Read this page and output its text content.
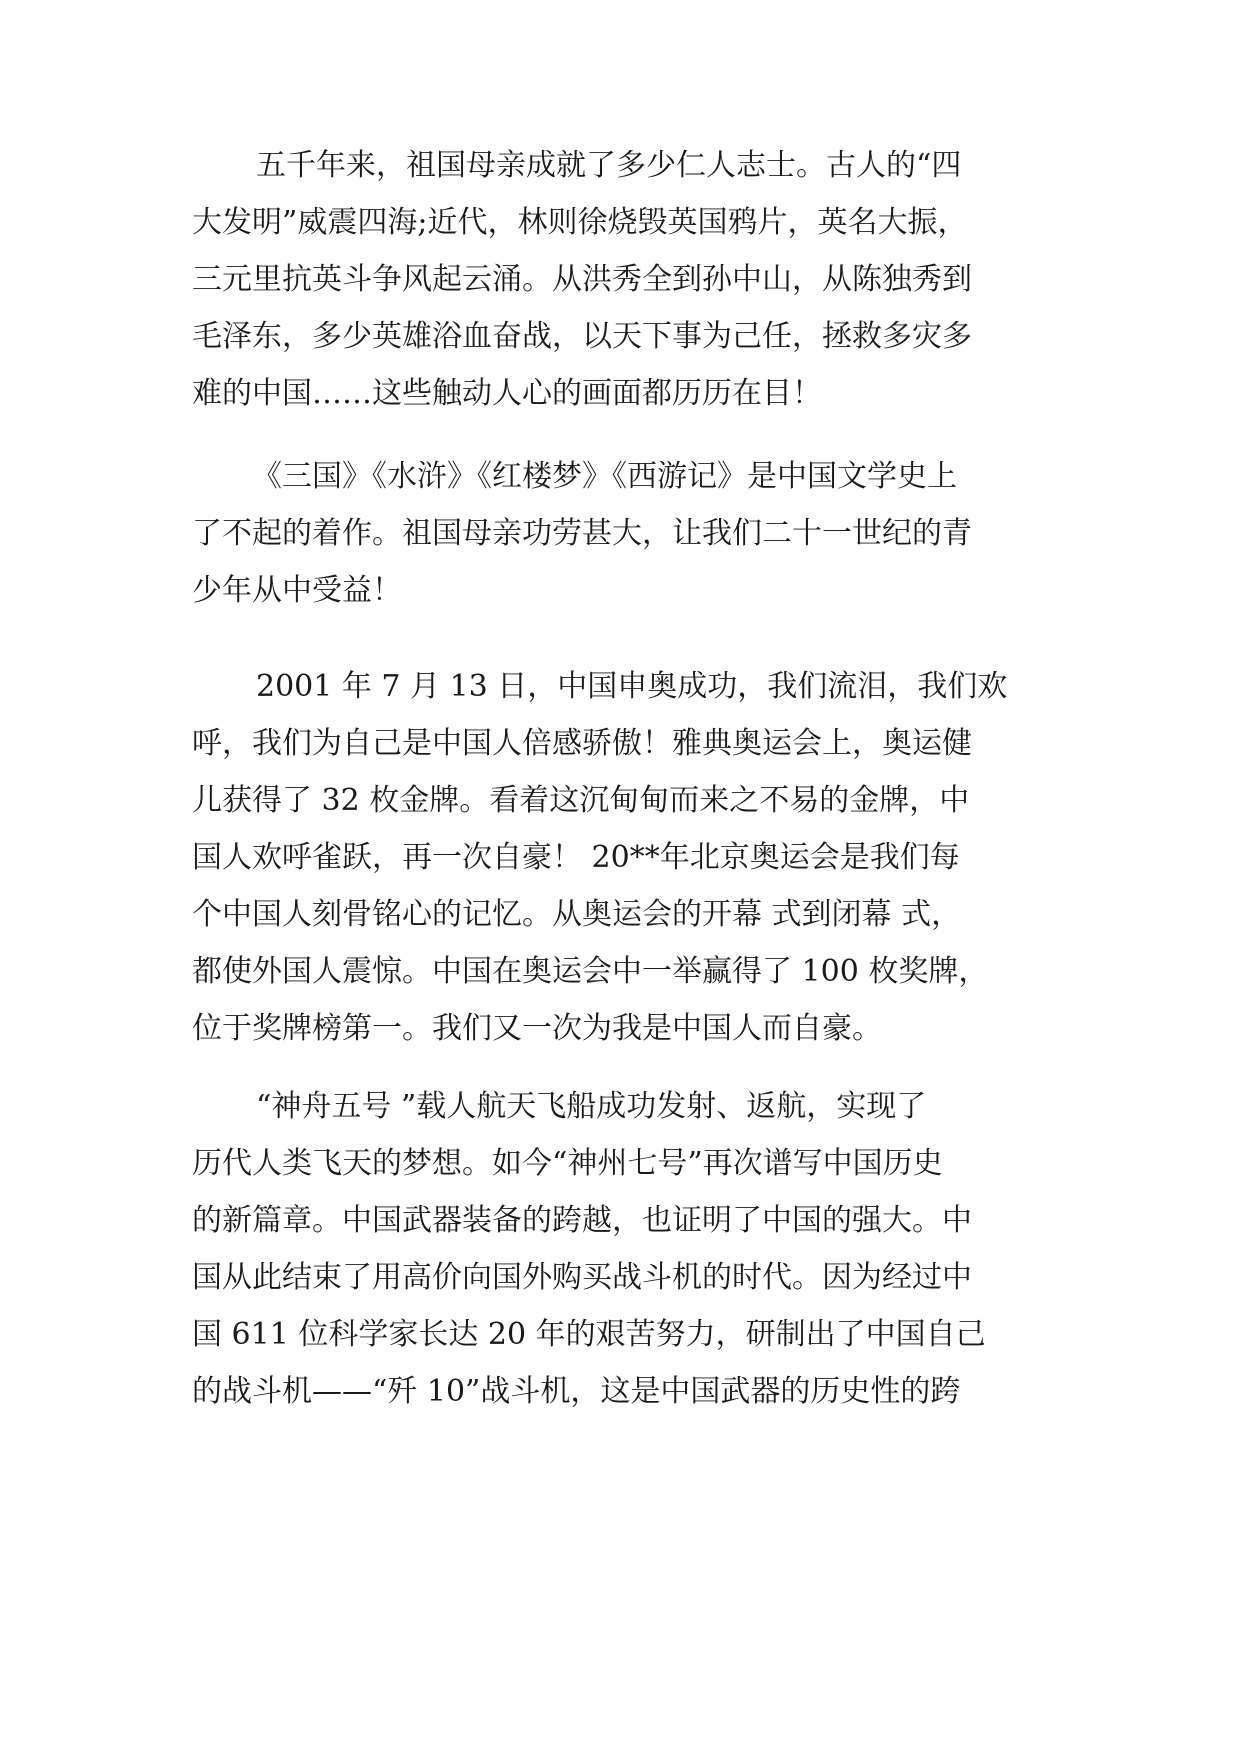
五千年来，祖国母亲成就了多少仁人志士。古人的“四
大发明”威震四海;近代，林则徐烧毁英国鸦片，英名大振，
三元里抗英斗争风起云涌。从洪秀全到孙中山，从陈独秀到
毛泽东，多少英雄浴血奋战，以天下事为己任，拯救多灾多
难的中国……这些触动人心的画面都历历在目！
《三国》《水浒》《红楼梦》《西游记》是中国文学史上
了不起的着作。祖国母亲功劳甚大，让我们二十一世纪的青
少年从中受益！
2001 年 7 月 13 日，中国申奥成功，我们流泪，我们欢
呼，我们为自己是中国人倍感骄傲！雅典奥运会上，奥运健
儿获得了 32 枚金牌。看着这沉甸甸而来之不易的金牌，中
国人欢呼雀跃，再一次自豪！ 20**年北京奥运会是我们每
个中国人刻骨铭心的记忆。从奥运会的开幕 式到闭幕 式，
都使外国人震惊。中国在奥运会中一举赢得了 100 枚奖牌，
位于奖牌榜第一。我们又一次为我是中国人而自豪。
“神舟五号 ”载人航天飞船成功发射、返航，实现了
历代人类飞天的梦想。如今“神州七号”再次谱写中国历史
的新篇章。中国武器装备的跨越，也证明了中国的强大。中
国从此结束了用高价向国外购买战斗机的时代。因为经过中
国 611 位科学家长达 20 年的艰苦努力，研制出了中国自己
的战斗机——“歼 10”战斗机，这是中国武器的历史性的跨
